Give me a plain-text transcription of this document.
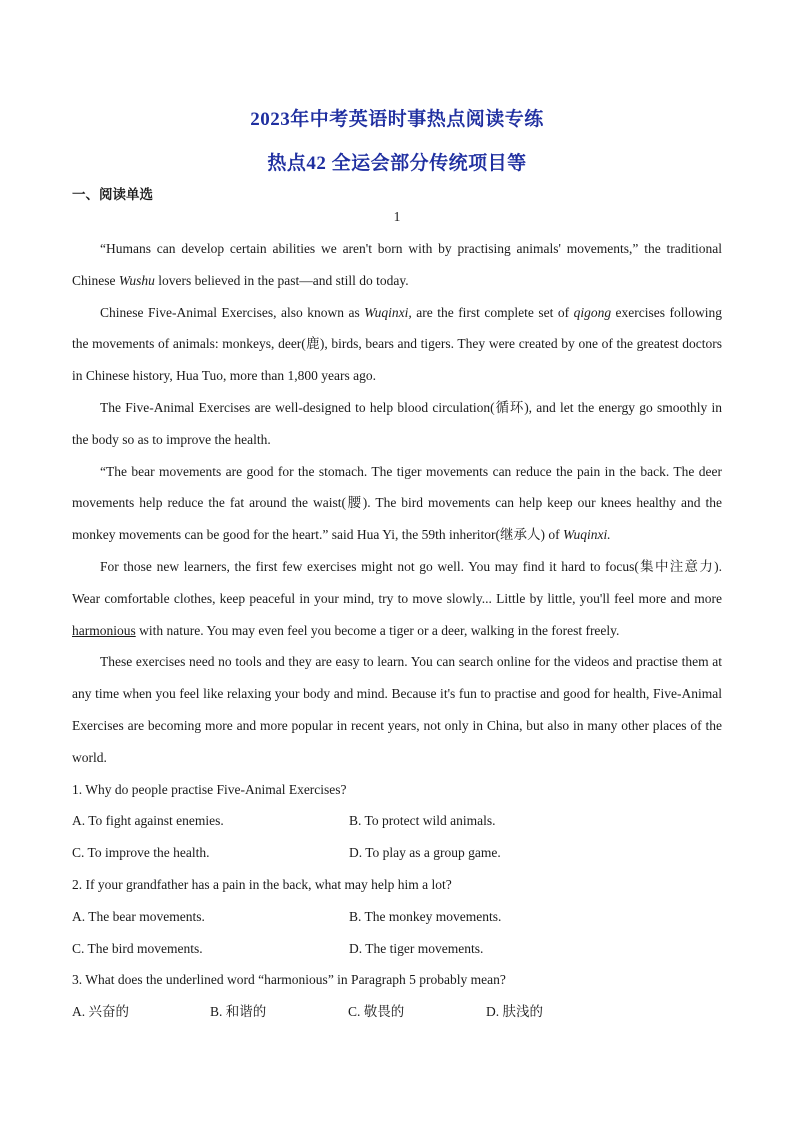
2023年中考英语时事热点阅读专练
热点42 全运会部分传统项目等
一、阅读单选
1

“Humans can develop certain abilities we aren't born with by practising animals' movements,” the traditional Chinese Wushu lovers believed in the past—and still do today.

Chinese Five-Animal Exercises, also known as Wuqinxi, are the first complete set of qigong exercises following the movements of animals: monkeys, deer(鹿), birds, bears and tigers. They were created by one of the greatest doctors in Chinese history, Hua Tuo, more than 1,800 years ago.

The Five-Animal Exercises are well-designed to help blood circulation(循环), and let the energy go smoothly in the body so as to improve the health.

“The bear movements are good for the stomach. The tiger movements can reduce the pain in the back. The deer movements help reduce the fat around the waist(腰). The bird movements can help keep our knees healthy and the monkey movements can be good for the heart.” said Hua Yi, the 59th inheritor(继承人) of Wuqinxi.

For those new learners, the first few exercises might not go well. You may find it hard to focus(集中注意力). Wear comfortable clothes, keep peaceful in your mind, try to move slowly... Little by little, you'll feel more and more harmonious with nature. You may even feel you become a tiger or a deer, walking in the forest freely.

These exercises need no tools and they are easy to learn. You can search online for the videos and practise them at any time when you feel like relaxing your body and mind. Because it's fun to practise and good for health, Five-Animal Exercises are becoming more and more popular in recent years, not only in China, but also in many other places of the world.

1. Why do people practise Five-Animal Exercises?
A. To fight against enemies.	B. To protect wild animals.
C. To improve the health.	D. To play as a group game.
2. If your grandfather has a pain in the back, what may help him a lot?
A. The bear movements.	B. The monkey movements.
C. The bird movements.	D. The tiger movements.
3. What does the underlined word “harmonious” in Paragraph 5 probably mean?
A. 兴奋的	B. 和谐的	C. 敬畏的	D. 肤浅的
